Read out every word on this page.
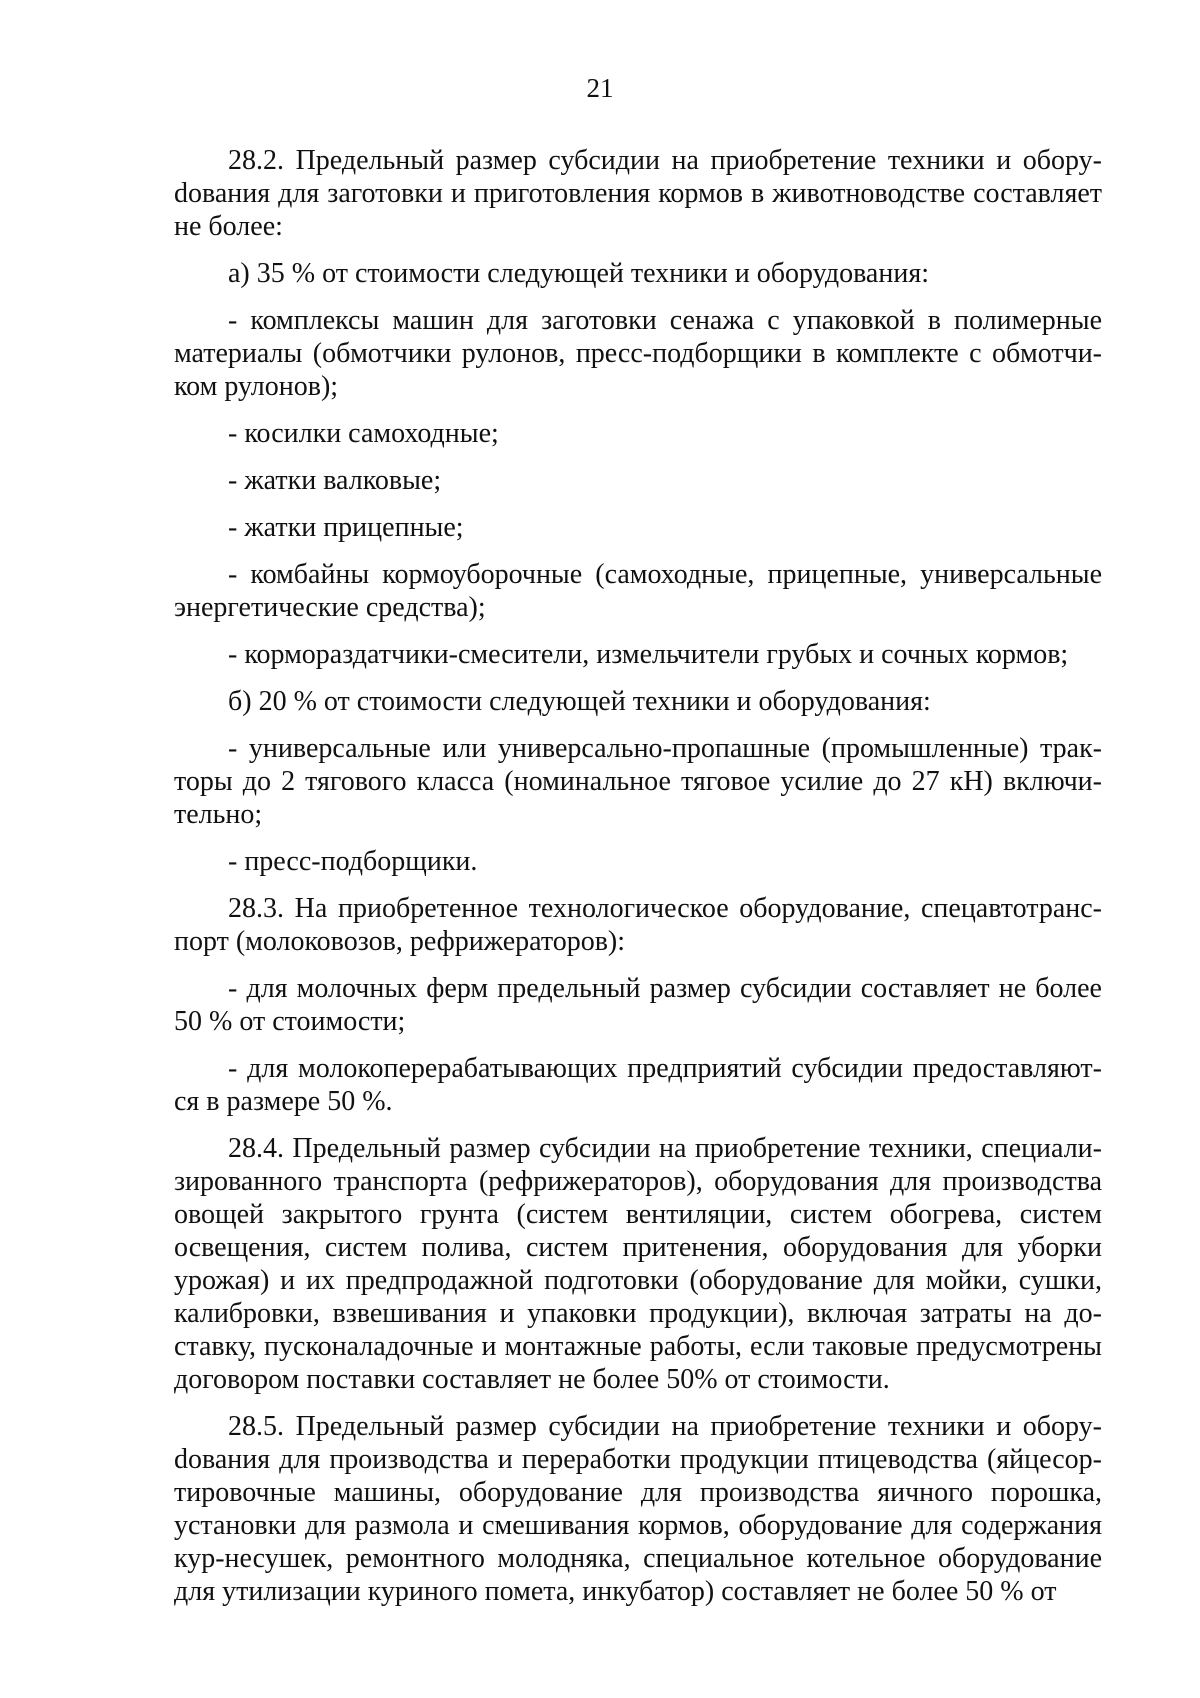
21

28.2. Предельный размер субсидии на приобретение техники и оборуdования для заготовки и приготовления кормов в животноводстве составляет не более:

а) 35 % от стоимости следующей техники и оборудования:

- комплексы машин для заготовки сенажа с упаковкой в полимерные материалы (обмотчики рулонов, пресс-подборщики в комплекте с обмотчиком рулонов);

- косилки самоходные;

- жатки валковые;

- жатки прицепные;

- комбайны кормоуборочные (самоходные, прицепные, универсальные энергетические средства);

- кормораздатчики-смесители, измельчители грубых и сочных кормов;

б) 20 % от стоимости следующей техники и оборудования:

- универсальные или универсально-пропашные (промышленные) тракторы до 2 тягового класса (номинальное тяговое усилие до 27 кН) включительно;

- пресс-подборщики.

28.3. На приобретенное технологическое оборудование, спецавтотранспорт (молоковозов, рефрижераторов):

- для молочных ферм предельный размер субсидии составляет не более 50 % от стоимости;

- для молокоперерабатывающих предприятий субсидии предоставляются в размере 50 %.

28.4. Предельный размер субсидии на приобретение техники, специализированного транспорта (рефрижераторов), оборудования для производства овощей закрытого грунта (систем вентиляции, систем обогрева, систем освещения, систем полива, систем притенения, оборудования для уборки урожая) и их предпродажной подготовки (оборудование для мойки, сушки, калибровки, взвешивания и упаковки продукции), включая затраты на доставку, пусконаладочные и монтажные работы, если таковые предусмотрены договором поставки составляет не более 50% от стоимости.

28.5. Предельный размер субсидии на приобретение техники и оборуdования для производства и переработки продукции птицеводства (яйцесортировочные машины, оборудование для производства яичного порошка, установки для размола и смешивания кормов, оборудование для содержания кур-несушек, ремонтного молодняка, специальное котельное оборудование для утилизации куриного помета, инкубатор) составляет не более 50 % от
